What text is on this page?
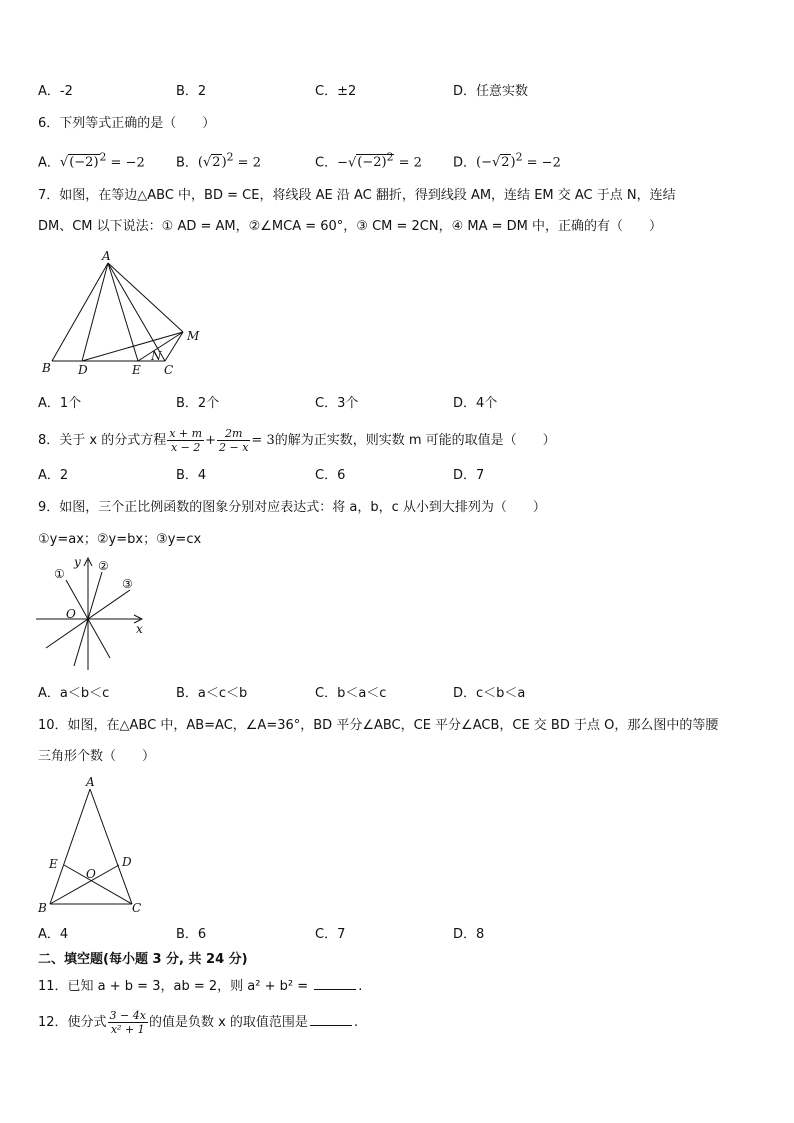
A．-2	B．2	C．±2	D．任意实数
6．下列等式正确的是（　　）
A．$√(-2)^2 = -2$ B．$(√2)^2 = 2$	C．$-√(-2)^2 = 2$ D．$(-√2)^2 = -2$
7．如图，在等边△ABC 中，BD = CE，将线段 AE 沿 AC 翻折，得到线段 AM，连结 EM 交 AC 于点 N，连结
DM、CM 以下说法：① AD = AM，②∠MCA = 60°，③ CM = 2CN，④ MA = DM 中，正确的有（　　）
A
B D	E C
M
N
A．1个	B．2个	C．3个	D．4个
8．关于 x 的分式方程 $\frac{x + m}{x - 2} + \frac{2m}{2 - x} = 3$的解为正实数，则实数 m 可能的取值是（　　）
A．2	B．4	C．6	D．7
9．如图，三个正比例函数的图象分别对应表达式：将 a，b，c 从小到大排列为（　　）
①y=ax；②y=bx；③y=cx
y
x
O
①
②
③
A．a＜b＜c	B．a＜c＜b	C．b＜a＜c	D．c＜b＜a
10．如图，在△ABC 中，AB=AC，∠A=36°，BD 平分∠ABC，CE 平分∠ACB，CE 交 BD 于点 O，那么图中的等腰
三角形个数（　　）
A
B	C
D
E
O
A．4	B．6	C．7	D．8
二、填空题(每小题 3 分, 共 24 分)
11．已知 a + b = 3，ab = 2，则 a² + b² =	.
12．使分式 $\frac{3 - 4x}{\text{x² + 1}}$ 的值是负数 x 的取值范围是	.
